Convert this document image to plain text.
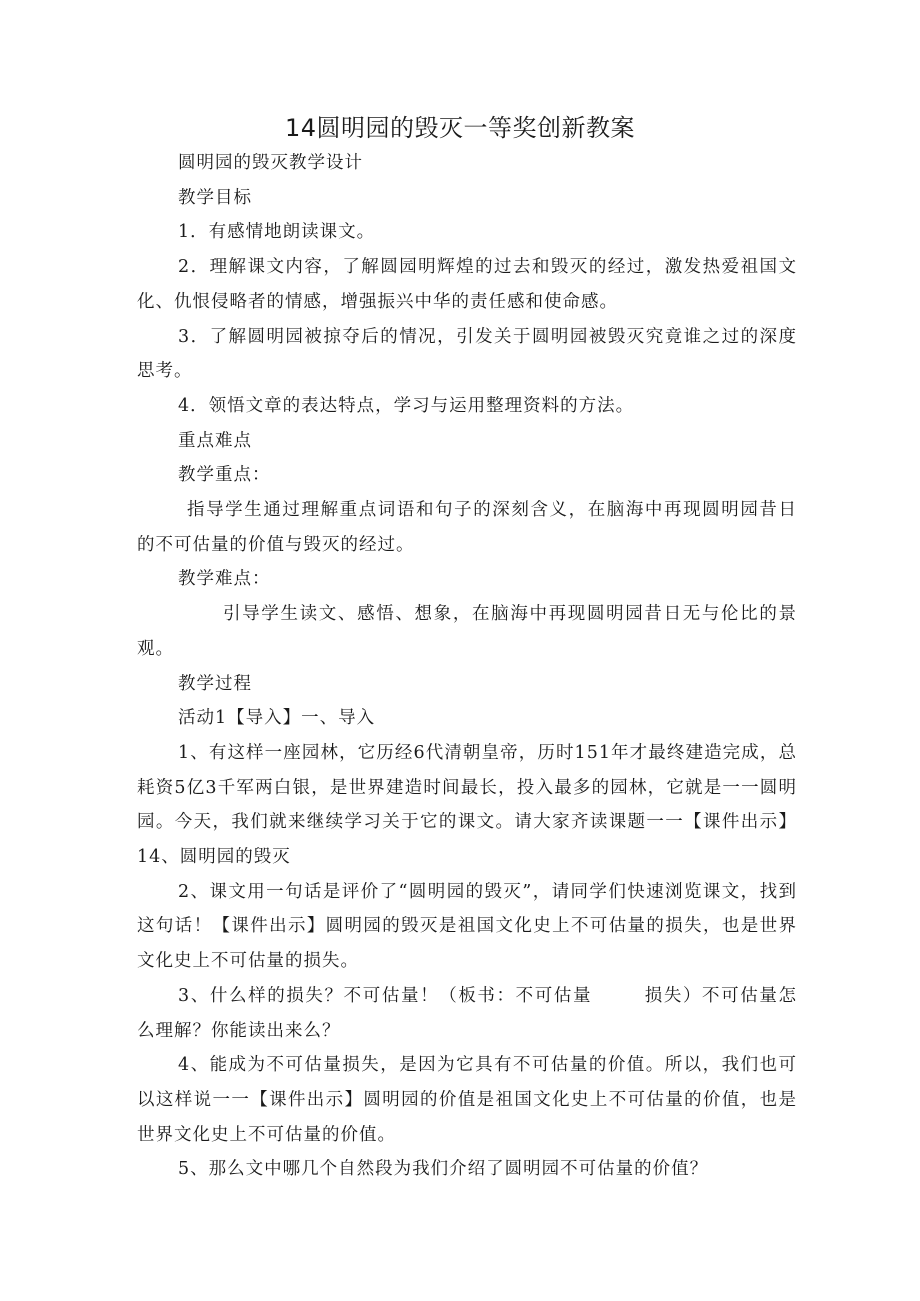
14圆明园的毁灭一等奖创新教案

圆明园的毁灭教学设计

教学目标

1．有感情地朗读课文。

2．理解课文内容，了解圆园明辉煌的过去和毁灭的经过，激发热爱祖国文化、仇恨侵略者的情感，增强振兴中华的责任感和使命感。

3．了解圆明园被掠夺后的情况，引发关于圆明园被毁灭究竟谁之过的深度思考。

4．领悟文章的表达特点，学习与运用整理资料的方法。

重点难点

教学重点：

指导学生通过理解重点词语和句子的深刻含义，在脑海中再现圆明园昔日的不可估量的价值与毁灭的经过。

教学难点：

引导学生读文、感悟、想象，在脑海中再现圆明园昔日无与伦比的景观。

教学过程

活动1【导入】一、导入

1、有这样一座园林，它历经6代清朝皇帝，历时151年才最终建造完成，总耗资5亿3千军两白银，是世界建造时间最长，投入最多的园林，它就是一一圆明园。今天，我们就来继续学习关于它的课文。请大家齐读课题一一【课件出示】14、圆明园的毁灭

2、课文用一句话是评价了“圆明园的毁灭”，请同学们快速浏览课文，找到这句话！【课件出示】圆明园的毁灭是祖国文化史上不可估量的损失，也是世界文化史上不可估量的损失。

3、什么样的损失？不可估量！（板书：不可估量	损失）不可估量怎么理解？你能读出来么？

4、能成为不可估量损失，是因为它具有不可估量的价值。所以，我们也可以这样说一一【课件出示】圆明园的价值是祖国文化史上不可估量的价值，也是世界文化史上不可估量的价值。

5、那么文中哪几个自然段为我们介绍了圆明园不可估量的价值？
